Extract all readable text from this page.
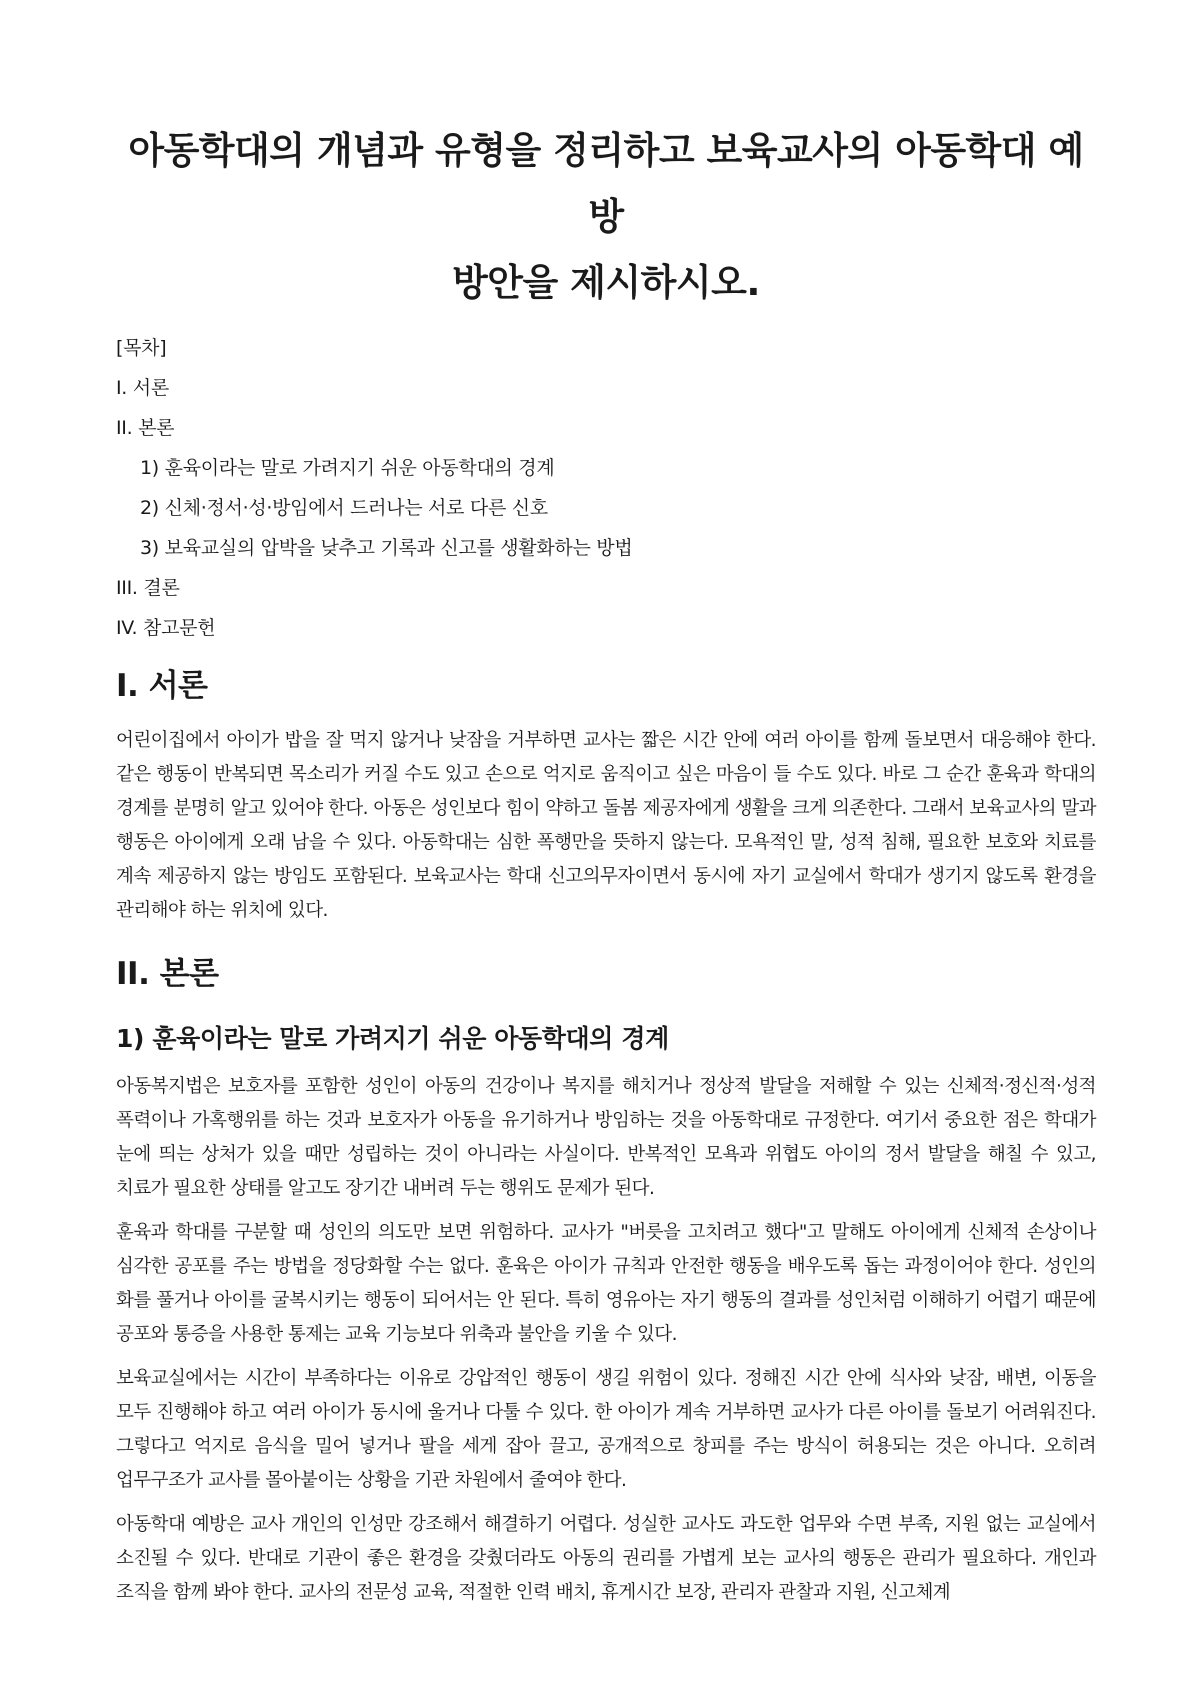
아동학대의 개념과 유형을 정리하고 보육교사의 아동학대 예방
방안을 제시하시오.
[목차]
I. 서론
II. 본론
1) 훈육이라는 말로 가려지기 쉬운 아동학대의 경계
2) 신체·정서·성·방임에서 드러나는 서로 다른 신호
3) 보육교실의 압박을 낮추고 기록과 신고를 생활화하는 방법
III. 결론
IV. 참고문헌
I. 서론

어린이집에서 아이가 밥을 잘 먹지 않거나 낮잠을 거부하면 교사는 짧은 시간 안에 여러 아이를 함께 돌보면서 대응해야 한다. 같은 행동이 반복되면 목소리가 커질 수도 있고 손으로 억지로 움직이고 싶은 마음이 들 수도 있다. 바로 그 순간 훈육과 학대의 경계를 분명히 알고 있어야 한다. 아동은 성인보다 힘이 약하고 돌봄 제공자에게 생활을 크게 의존한다. 그래서 보육교사의 말과 행동은 아이에게 오래 남을 수 있다. 아동학대는 심한 폭행만을 뜻하지 않는다. 모욕적인 말, 성적 침해, 필요한 보호와 치료를 계속 제공하지 않는 방임도 포함된다. 보육교사는 학대 신고의무자이면서 동시에 자기 교실에서 학대가 생기지 않도록 환경을 관리해야 하는 위치에 있다.

II. 본론
1) 훈육이라는 말로 가려지기 쉬운 아동학대의 경계

아동복지법은 보호자를 포함한 성인이 아동의 건강이나 복지를 해치거나 정상적 발달을 저해할 수 있는 신체적·정신적·성적 폭력이나 가혹행위를 하는 것과 보호자가 아동을 유기하거나 방임하는 것을 아동학대로 규정한다. 여기서 중요한 점은 학대가 눈에 띄는 상처가 있을 때만 성립하는 것이 아니라는 사실이다. 반복적인 모욕과 위협도 아이의 정서 발달을 해칠 수 있고, 치료가 필요한 상태를 알고도 장기간 내버려 두는 행위도 문제가 된다.

훈육과 학대를 구분할 때 성인의 의도만 보면 위험하다. 교사가 "버릇을 고치려고 했다"고 말해도 아이에게 신체적 손상이나 심각한 공포를 주는 방법을 정당화할 수는 없다. 훈육은 아이가 규칙과 안전한 행동을 배우도록 돕는 과정이어야 한다. 성인의 화를 풀거나 아이를 굴복시키는 행동이 되어서는 안 된다. 특히 영유아는 자기 행동의 결과를 성인처럼 이해하기 어렵기 때문에 공포와 통증을 사용한 통제는 교육 기능보다 위축과 불안을 키울 수 있다.

보육교실에서는 시간이 부족하다는 이유로 강압적인 행동이 생길 위험이 있다. 정해진 시간 안에 식사와 낮잠, 배변, 이동을 모두 진행해야 하고 여러 아이가 동시에 울거나 다툴 수 있다. 한 아이가 계속 거부하면 교사가 다른 아이를 돌보기 어려워진다. 그렇다고 억지로 음식을 밀어 넣거나 팔을 세게 잡아 끌고, 공개적으로 창피를 주는 방식이 허용되는 것은 아니다. 오히려 업무구조가 교사를 몰아붙이는 상황을 기관 차원에서 줄여야 한다.

아동학대 예방은 교사 개인의 인성만 강조해서 해결하기 어렵다. 성실한 교사도 과도한 업무와 수면 부족, 지원 없는 교실에서 소진될 수 있다. 반대로 기관이 좋은 환경을 갖췄더라도 아동의 권리를 가볍게 보는 교사의 행동은 관리가 필요하다. 개인과 조직을 함께 봐야 한다. 교사의 전문성 교육, 적절한 인력 배치, 휴게시간 보장, 관리자 관찰과 지원, 신고체계
